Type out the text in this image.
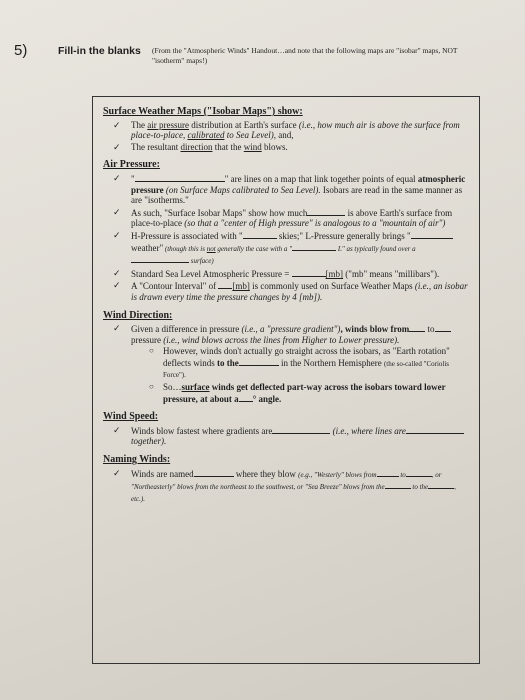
5)	Fill-in the blanks (From the "Atmospheric Winds" Handout…and note that the following maps are "isobar" maps, NOT "isotherm" maps!)
Surface Weather Maps ("Isobar Maps") show:
✓ The air pressure distribution at Earth's surface (i.e., how much air is above the surface from place-to-place, calibrated to Sea Level), and,
✓ The resultant direction that the wind blows.
Air Pressure:
✓ "	" are lines on a map that link together points of equal atmospheric pressure (on Surface Maps calibrated to Sea Level). Isobars are read in the same manner as are "isotherms."
✓ As such, "Surface Isobar Maps" show how much	is above Earth's surface from place-to-place (so that a "center of High pressure" is analogous to a "mountain of air")
✓ H-Pressure is associated with "	skies;" L-Pressure generally brings " weather" (though this is not generally the case with a "	L" as typically found over a  surface)
✓ Standard Sea Level Atmospheric Pressure =	[mb] ("mb" means "millibars").
✓ A "Contour Interval" of [mb] is commonly used on Surface Weather Maps (i.e., an isobar is drawn every time the pressure changes by 4 [mb]).
Wind Direction:
✓ Given a difference in pressure (i.e., a "pressure gradient"), winds blow from to pressure (i.e., wind blows across the lines from Higher to Lower pressure).
○ However, winds don't actually go straight across the isobars, as "Earth rotation" deflects winds to the	in the Northern Hemisphere (the so-called "Coriolis Force").
○ So…surface winds get deflected part-way across the isobars toward lower pressure, at about a ° angle.
Wind Speed:
✓ Winds blow fastest where gradients are	(i.e., where lines are together).
Naming Winds:
✓ Winds are named	where they blow (e.g., "Westerly" blows from	to	, or "Northeasterly" blows from the northeast to the southwest, or "Sea Breeze" blows from the	to the	, etc.).
